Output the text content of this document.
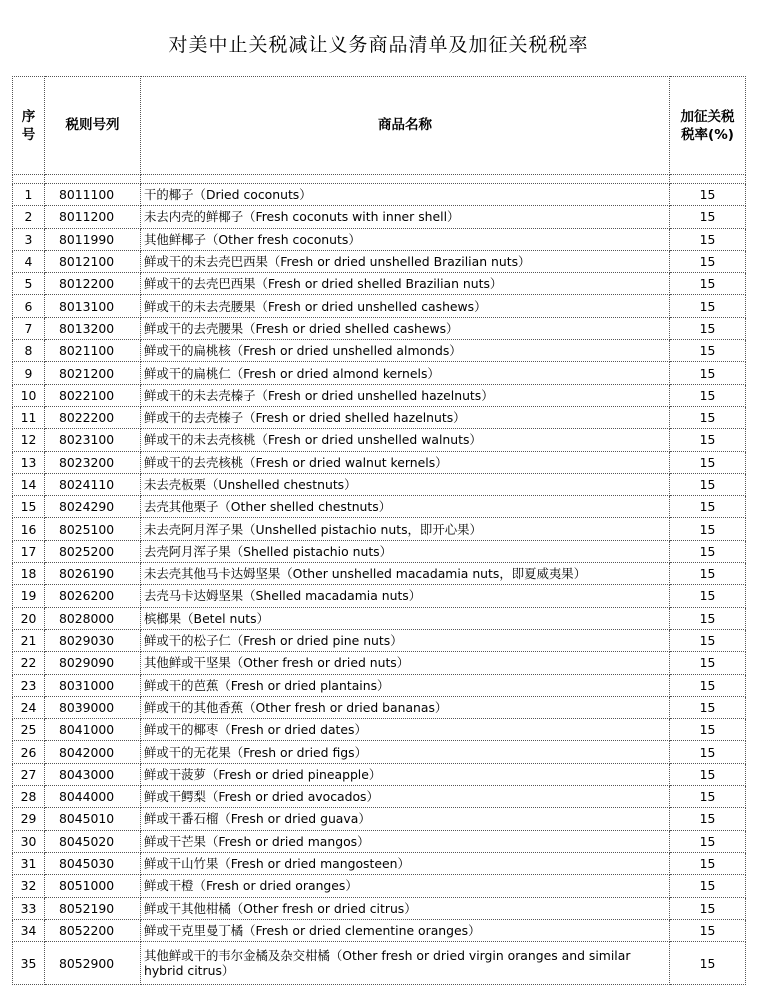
对美中止关税减让义务商品清单及加征关税税率
序号	税则号列	商品名称	加征关税税率(%)

1	8011100	干的椰子（Dried coconuts）	15
2	8011200	未去内壳的鲜椰子（Fresh coconuts with inner shell）	15
3	8011990	其他鲜椰子（Other fresh coconuts）	15
4	8012100	鲜或干的未去壳巴西果（Fresh or dried unshelled Brazilian nuts）	15
5	8012200	鲜或干的去壳巴西果（Fresh or dried shelled Brazilian nuts）	15
6	8013100	鲜或干的未去壳腰果（Fresh or dried unshelled cashews）	15
7	8013200	鲜或干的去壳腰果（Fresh or dried shelled cashews）	15
8	8021100	鲜或干的扁桃核（Fresh or dried unshelled almonds）	15
9	8021200	鲜或干的扁桃仁（Fresh or dried almond kernels）	15
10	8022100	鲜或干的未去壳榛子（Fresh or dried unshelled hazelnuts）	15
11	8022200	鲜或干的去壳榛子（Fresh or dried shelled hazelnuts）	15
12	8023100	鲜或干的未去壳核桃（Fresh or dried unshelled walnuts）	15
13	8023200	鲜或干的去壳核桃（Fresh or dried walnut kernels）	15
14	8024110	未去壳板栗（Unshelled chestnuts）	15
15	8024290	去壳其他栗子（Other shelled chestnuts）	15
16	8025100	未去壳阿月浑子果（Unshelled pistachio nuts，即开心果）	15
17	8025200	去壳阿月浑子果（Shelled pistachio nuts）	15
18	8026190	未去壳其他马卡达姆坚果（Other unshelled macadamia nuts，即夏威夷果）	15
19	8026200	去壳马卡达姆坚果（Shelled macadamia nuts）	15
20	8028000	槟榔果（Betel nuts）	15
21	8029030	鲜或干的松子仁（Fresh or dried pine nuts）	15
22	8029090	其他鲜或干坚果（Other fresh or dried nuts）	15
23	8031000	鲜或干的芭蕉（Fresh or dried plantains）	15
24	8039000	鲜或干的其他香蕉（Other fresh or dried bananas）	15
25	8041000	鲜或干的椰枣（Fresh or dried dates）	15
26	8042000	鲜或干的无花果（Fresh or dried figs）	15
27	8043000	鲜或干菠萝（Fresh or dried pineapple）	15
28	8044000	鲜或干鳄梨（Fresh or dried avocados）	15
29	8045010	鲜或干番石榴（Fresh or dried guava）	15
30	8045020	鲜或干芒果（Fresh or dried mangos）	15
31	8045030	鲜或干山竹果（Fresh or dried mangosteen）	15
32	8051000	鲜或干橙（Fresh or dried oranges）	15
33	8052190	鲜或干其他柑橘（Other fresh or dried citrus）	15
34	8052200	鲜或干克里曼丁橘（Fresh or dried clementine oranges）	15
35	8052900	其他鲜或干的韦尔金橘及杂交柑橘（Other fresh or dried virgin oranges and similar hybrid citrus）	15
